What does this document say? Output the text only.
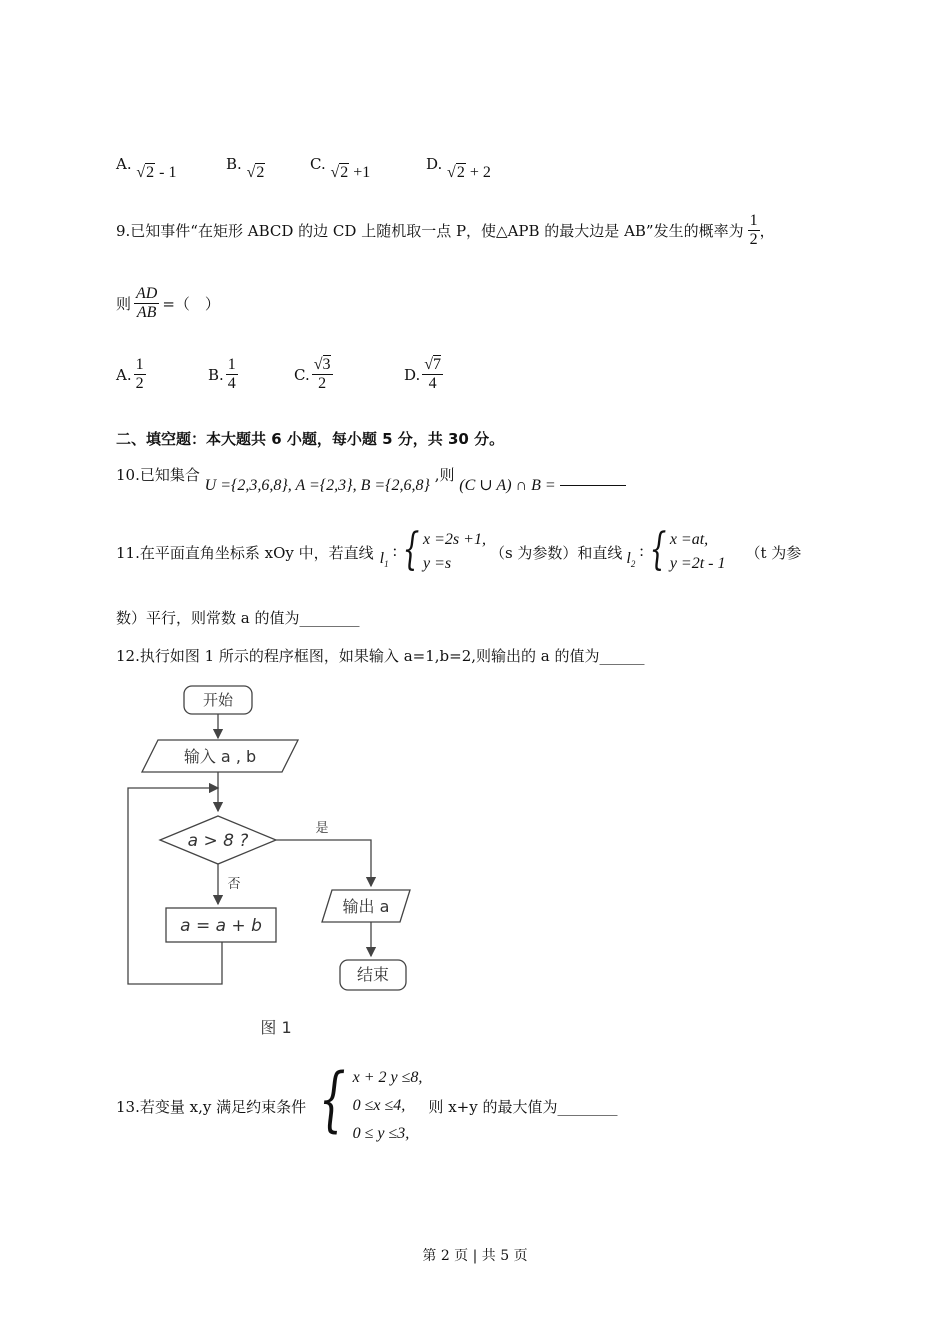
A. √2 - 1	B. √2	C. √2 +1	D. √2 + 2
9.已知事件“在矩形 ABCD 的边 CD 上随机取一点 P，使△APB 的最大边是 AB”发生的概率为 $\frac{1}{2}$ ，
则 $\frac{AD}{AB}$ =（　）
A. $\frac{1}{2}$	B. $\frac{1}{4}$	C. $\frac{√3}{2}$	D. $\frac{√7}{4}$
二、填空题：本大题共 6 小题，每小题 5 分，共 30 分。
10.已知集合 U ={2,3,6,8}, A ={2,3}, B ={2,6,8} ,则 (C ∪ A) ∩ B =
11.在平面直角坐标系 xOy 中，若直线 $l_1$
: { x =2s +1,
y =s
（s 为参数）和直线 $l_2$
: { x =at,
y =2t - 1
（t 为参
数）平行，则常数 a 的值为________
12.执行如图 1 所示的程序框图，如果输入 a=1,b=2,则输出的 a 的值为______
开始
输入 a , b
a > 8 ?
是
否
a = a + b
输出 a
结束
图 1
13.若变量 x,y 满足约束条件 { x + 2 y ≤8,
0 ≤x ≤4,
0 ≤ y ≤3,
则 x+y 的最大值为________
第 2 页 | 共 5 页
